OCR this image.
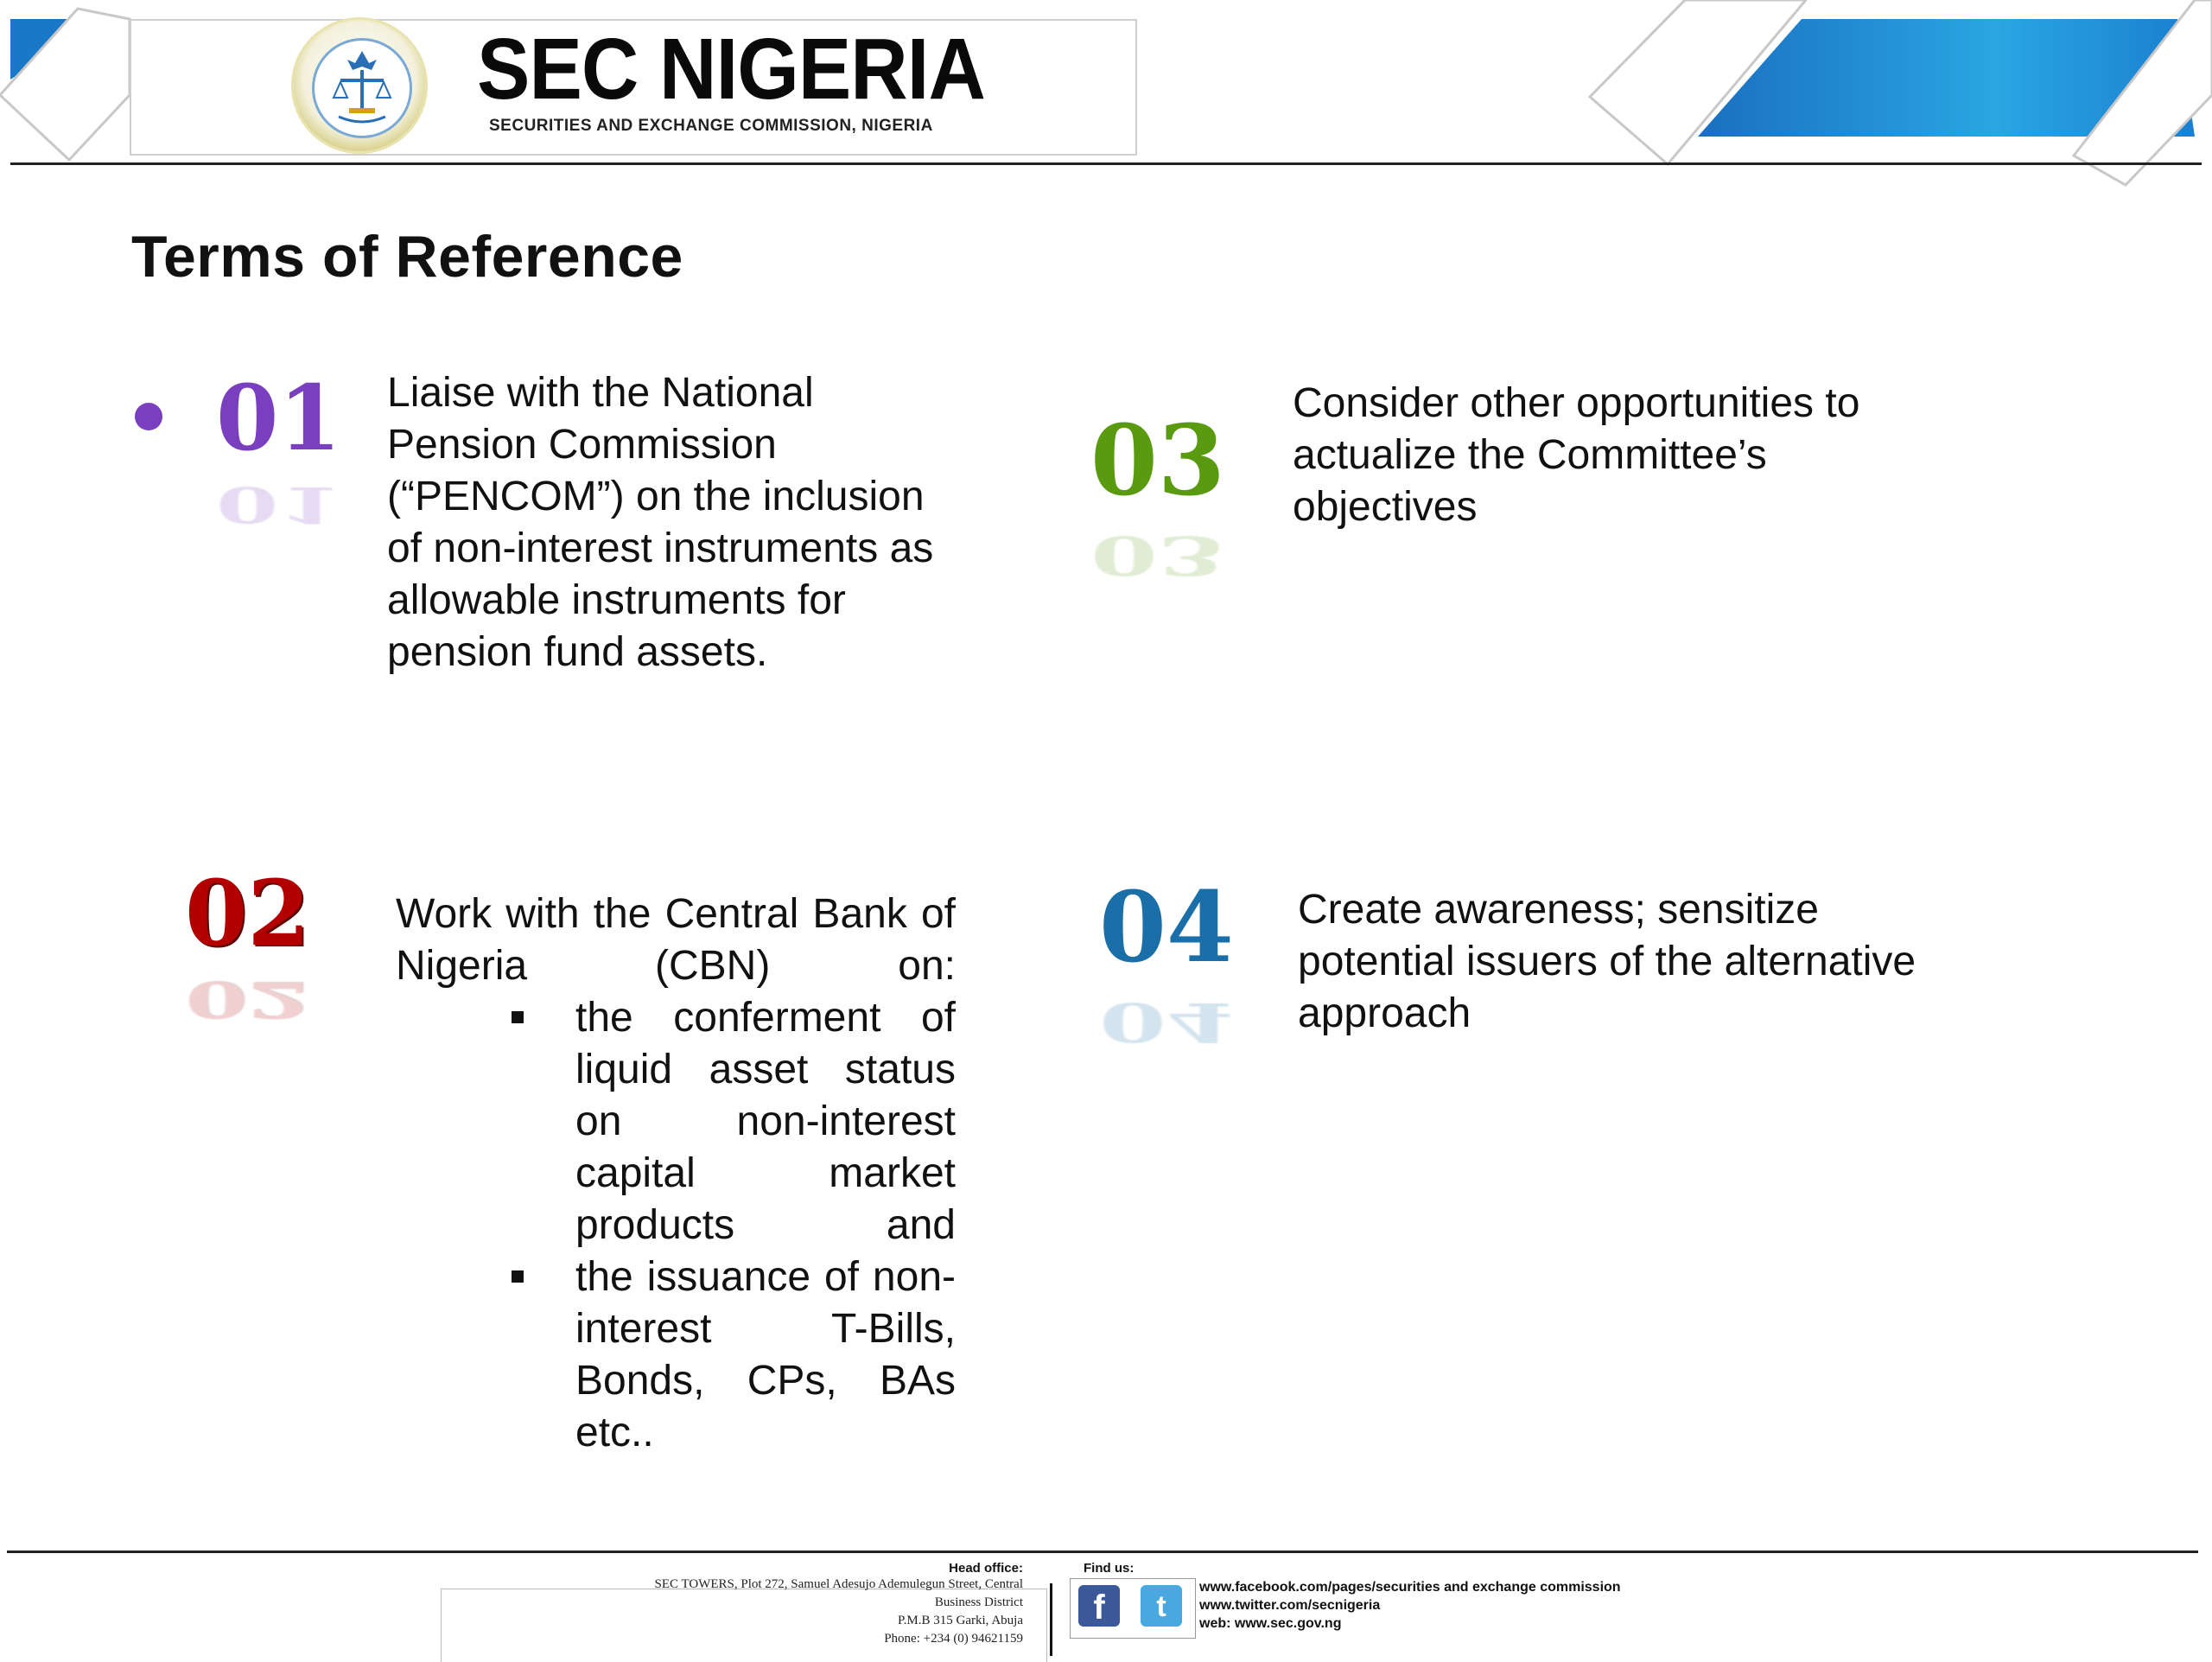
SEC NIGERIA
SECURITIES AND EXCHANGE COMMISSION, NIGERIA
Terms of Reference
01
01
Liaise with the National Pension Commission (“PENCOM”) on the inclusion of non-interest instruments as allowable instruments for pension fund assets.
02
02
Work with the Central Bank of Nigeria (CBN) on:
the conferment of liquid asset status on non-interest capital market products and
the issuance of non-interest T-Bills, Bonds, CPs, BAs etc..
03
03
Consider other opportunities to actualize the Committee’s objectives
04
04
Create awareness; sensitize potential issuers of the alternative approach
Head office:
SEC TOWERS, Plot 272, Samuel Adesujo Ademulegun Street, Central
Business District
P.M.B 315 Garki, Abuja
Phone: +234 (0) 94621159
Find us:
f	t
www.facebook.com/pages/securities and exchange commission
www.twitter.com/secnigeria
web: www.sec.gov.ng
